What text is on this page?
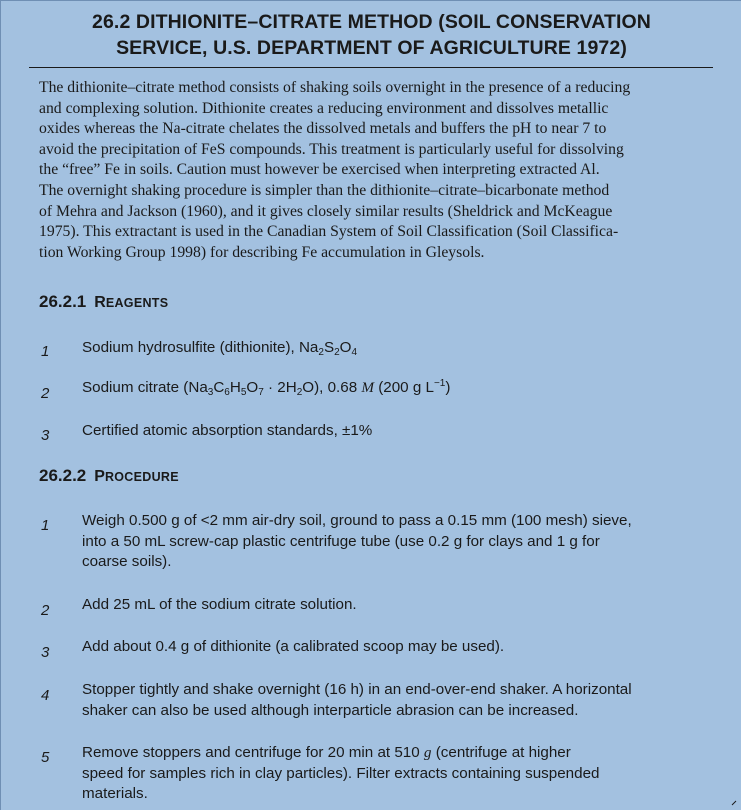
26.2 DITHIONITE–CITRATE METHOD (SOIL CONSERVATION
SERVICE, U.S. DEPARTMENT OF AGRICULTURE 1972)
The dithionite–citrate method consists of shaking soils overnight in the presence of a reducing
and complexing solution. Dithionite creates a reducing environment and dissolves metallic
oxides whereas the Na-citrate chelates the dissolved metals and buffers the pH to near 7 to
avoid the precipitation of FeS compounds. This treatment is particularly useful for dissolving
the “free” Fe in soils. Caution must however be exercised when interpreting extracted Al.
The overnight shaking procedure is simpler than the dithionite–citrate–bicarbonate method
of Mehra and Jackson (1960), and it gives closely similar results (Sheldrick and McKeague
1975). This extractant is used in the Canadian System of Soil Classification (Soil Classifica-
tion Working Group 1998) for describing Fe accumulation in Gleysols.
26.2.1 REAGENTS
1	Sodium hydrosulfite (dithionite), $Na_2S_2O_4$
2	Sodium citrate $(Na_3C_6H_5O_7 \cdot 2H_2O)$, 0.68 M (200 g $L^{-1}$)
3	Certified atomic absorption standards, ±1%
26.2.2 PROCEDURE
1	Weigh 0.500 g of <2 mm air-dry soil, ground to pass a 0.15 mm (100 mesh) sieve,
into a 50 mL screw-cap plastic centrifuge tube (use 0.2 g for clays and 1 g for
coarse soils).
2	Add 25 mL of the sodium citrate solution.
3	Add about 0.4 g of dithionite (a calibrated scoop may be used).
4	Stopper tightly and shake overnight (16 h) in an end-over-end shaker. A horizontal
shaker can also be used although interparticle abrasion can be increased.
5	Remove stoppers and centrifuge for 20 min at 510 g (centrifuge at higher
speed for samples rich in clay particles). Filter extracts containing suspended
materials.
